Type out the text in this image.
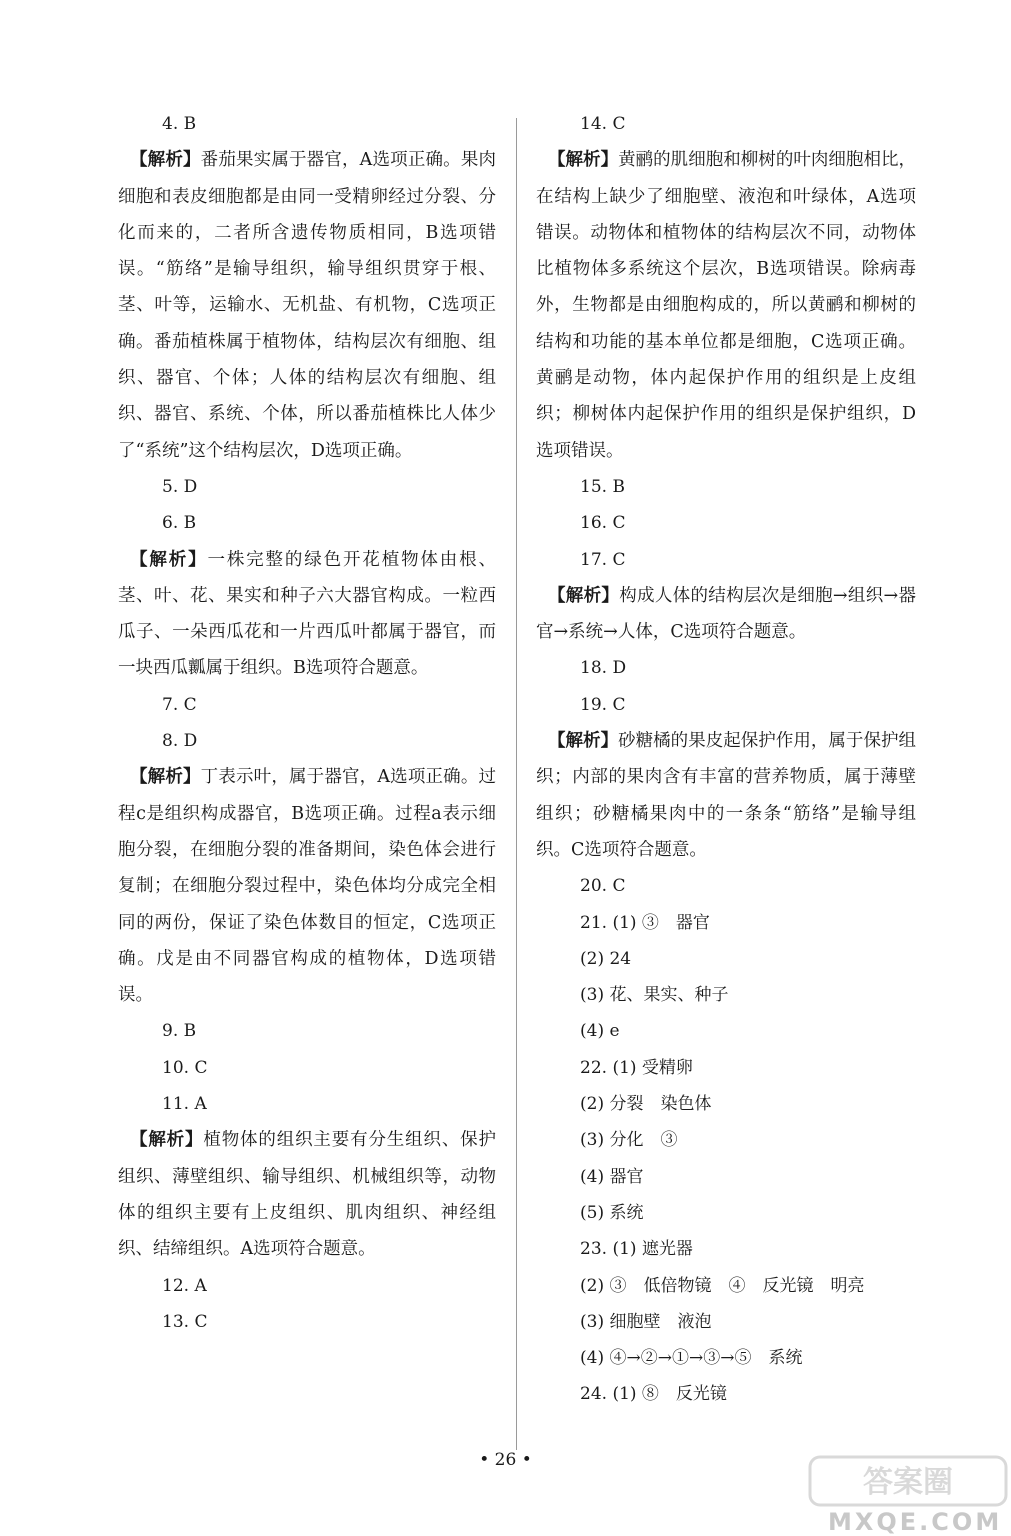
4. B

【解析】番茄果实属于器官，A选项正确。果肉细胞和表皮细胞都是由同一受精卵经过分裂、分化而来的，二者所含遗传物质相同，B选项错误。“筋络”是输导组织，输导组织贯穿于根、茎、叶等，运输水、无机盐、有机物，C选项正确。番茄植株属于植物体，结构层次有细胞、组织、器官、个体；人体的结构层次有细胞、组织、器官、系统、个体，所以番茄植株比人体少了“系统”这个结构层次，D选项正确。

5. D

6. B

【解析】一株完整的绿色开花植物体由根、茎、叶、花、果实和种子六大器官构成。一粒西瓜子、一朵西瓜花和一片西瓜叶都属于器官，而一块西瓜瓤属于组织。B选项符合题意。

7. C

8. D

【解析】丁表示叶，属于器官，A选项正确。过程c是组织构成器官，B选项正确。过程a表示细胞分裂，在细胞分裂的准备期间，染色体会进行复制；在细胞分裂过程中，染色体均分成完全相同的两份，保证了染色体数目的恒定，C选项正确。戊是由不同器官构成的植物体，D选项错误。

9. B

10. C

11. A

【解析】植物体的组织主要有分生组织、保护组织、薄壁组织、输导组织、机械组织等，动物体的组织主要有上皮组织、肌肉组织、神经组织、结缔组织。A选项符合题意。

12. A

13. C

14. C

【解析】黄鹂的肌细胞和柳树的叶肉细胞相比，在结构上缺少了细胞壁、液泡和叶绿体，A选项错误。动物体和植物体的结构层次不同，动物体比植物体多系统这个层次，B选项错误。除病毒外，生物都是由细胞构成的，所以黄鹂和柳树的结构和功能的基本单位都是细胞，C选项正确。黄鹂是动物，体内起保护作用的组织是上皮组织；柳树体内起保护作用的组织是保护组织，D选项错误。

15. B

16. C

17. C

【解析】构成人体的结构层次是细胞→组织→器官→系统→人体，C选项符合题意。

18. D

19. C

【解析】砂糖橘的果皮起保护作用，属于保护组织；内部的果肉含有丰富的营养物质，属于薄壁组织；砂糖橘果肉中的一条条“筋络”是输导组织。C选项符合题意。

20. C

21. (1) ③　器官

(2) 24

(3) 花、果实、种子

(4) e

22. (1) 受精卵

(2) 分裂　染色体

(3) 分化　③

(4) 器官

(5) 系统

23. (1) 遮光器

(2) ③　低倍物镜　④　反光镜　明亮

(3) 细胞壁　液泡

(4) ④→②→①→③→⑤　系统

24. (1) ⑧　反光镜

• 26 •
答案圈
MXQE.COM
